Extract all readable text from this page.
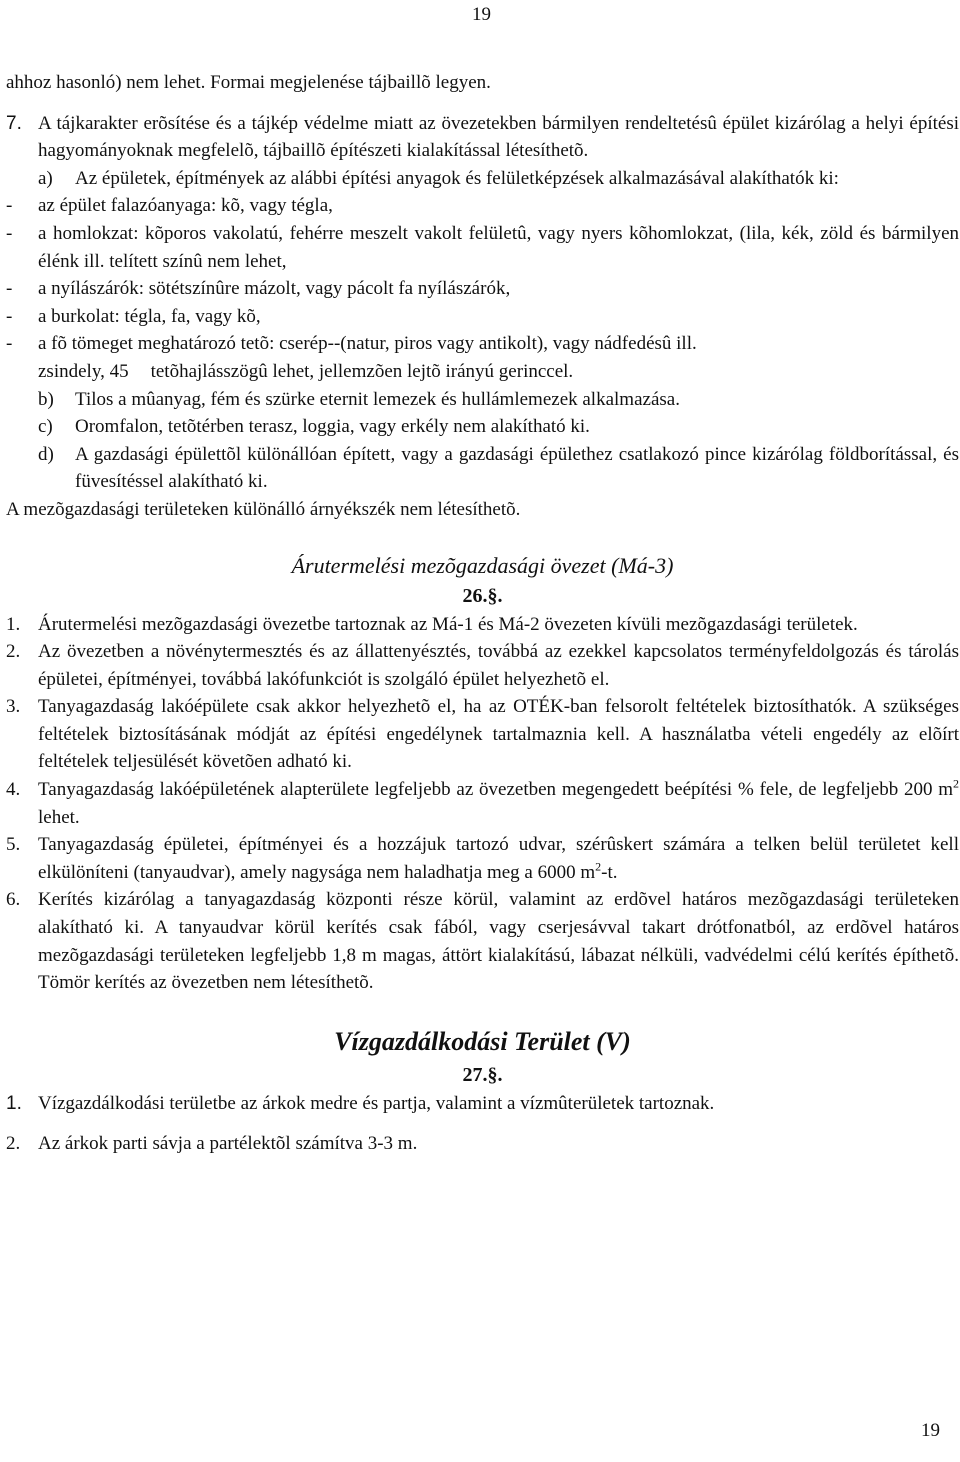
19

ahhoz hasonló) nem lehet. Formai megjelenése tájbaillõ legyen.

7. A tájkarakter erõsítése és a tájkép védelme miatt az övezetekben bármilyen rendeltetésû épület kizárólag a helyi építési hagyományoknak megfelelõ, tájbaillõ építészeti kialakítással létesíthetõ.

a) Az épületek, építmények az alábbi építési anyagok és felületképzések alkalmazásával alakíthatók ki:

- az épület falazóanyaga: kõ, vagy tégla,

- a homlokzat: kõporos vakolatú, fehérre meszelt vakolt felületû, vagy nyers kõhomlokzat, (lila, kék, zöld és bármilyen élénk ill. telített színû nem lehet,

- a nyílászárók: sötétszínûre mázolt, vagy pácolt fa nyílászárók,

- a burkolat: tégla, fa, vagy kõ,

- a fõ tömeget meghatározó tetõ: cserép--(natur, piros vagy antikolt), vagy nádfedésû ill.

zsindely, 45 tetõhajlásszögû lehet, jellemzõen lejtõ irányú gerinccel.

b) Tilos a mûanyag, fém és szürke eternit lemezek és hullámlemezek alkalmazása.

c) Oromfalon, tetõtérben terasz, loggia, vagy erkély nem alakítható ki.

d) A gazdasági épülettõl különállóan épített, vagy a gazdasági épülethez csatlakozó pince kizárólag földborítással, és füvesítéssel alakítható ki.

A mezõgazdasági területeken különálló árnyékszék nem létesíthetõ.

Árutermelési mezõgazdasági övezet (Má-3)
26.§.

1. Árutermelési mezõgazdasági övezetbe tartoznak az Má-1 és Má-2 övezeten kívüli mezõgazdasági területek.

2. Az övezetben a növénytermesztés és az állattenyésztés, továbbá az ezekkel kapcsolatos terményfeldolgozás és tárolás épületei, építményei, továbbá lakófunkciót is szolgáló épület helyezhetõ el.

3. Tanyagazdaság lakóépülete csak akkor helyezhetõ el, ha az OTÉK-ban felsorolt feltételek biztosíthatók. A szükséges feltételek biztosításának módját az építési engedélynek tartalmaznia kell. A használatba vételi engedély az elõírt feltételek teljesülését követõen adható ki.

4. Tanyagazdaság lakóépületének alapterülete legfeljebb az övezetben megengedett beépítési % fele, de legfeljebb 200 $m^2$ lehet.

5. Tanyagazdaság épületei, építményei és a hozzájuk tartozó udvar, szérûskert számára a telken belül területet kell elkülöníteni (tanyaudvar), amely nagysága nem haladhatja meg a 6000 $m^2-t$.

6. Kerítés kizárólag a tanyagazdaság központi része körül, valamint az erdõvel határos mezõgazdasági területeken alakítható ki. A tanyaudvar körül kerítés csak fából, vagy cserjesávval takart drótfonatból, az erdõvel határos mezõgazdasági területeken legfeljebb 1,8 m magas, áttört kialakítású, lábazat nélküli, vadvédelmi célú kerítés építhetõ. Tömör kerítés az övezetben nem létesíthetõ.

Vízgazdálkodási Terület (V)
27.§.

1. Vízgazdálkodási területbe az árkok medre és partja, valamint a vízmûterületek tartoznak.

2. Az árkok parti sávja a partélektõl számítva 3-3 m.

19
